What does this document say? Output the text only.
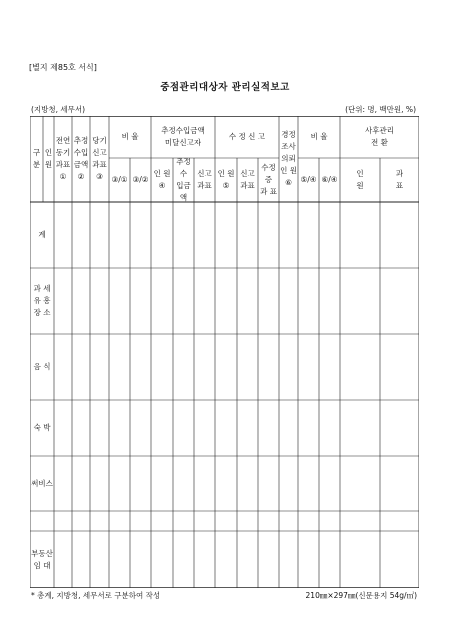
[별지 제85호 서식]
중점관리대상자 관리실적보고
(지방청, 세무서)	(단위: 명, 백만원, %)
구 분
인
원
전연
동기
과표
①
추정
수입
금액
②
당기
신고
과표
③
비 율
③/① ③/②
추정수입금액
미달신고자
인 원
④
추정수
입금액
신고
과표
수 정 신 고
인 원
⑤
신고
과표
수정증
과 표
경정
조사
의뢰
인 원
⑥
비 율
⑤/④ ⑥/④
사후관리
전 환
인
원
과
표
계
과 세
유 흥
장 소
음 식
숙 박
써비스
부동산
임 대
* 총계, 지방청, 세무서로 구분하여 작성	210㎜×297㎜(신문용지 54g/㎡)
